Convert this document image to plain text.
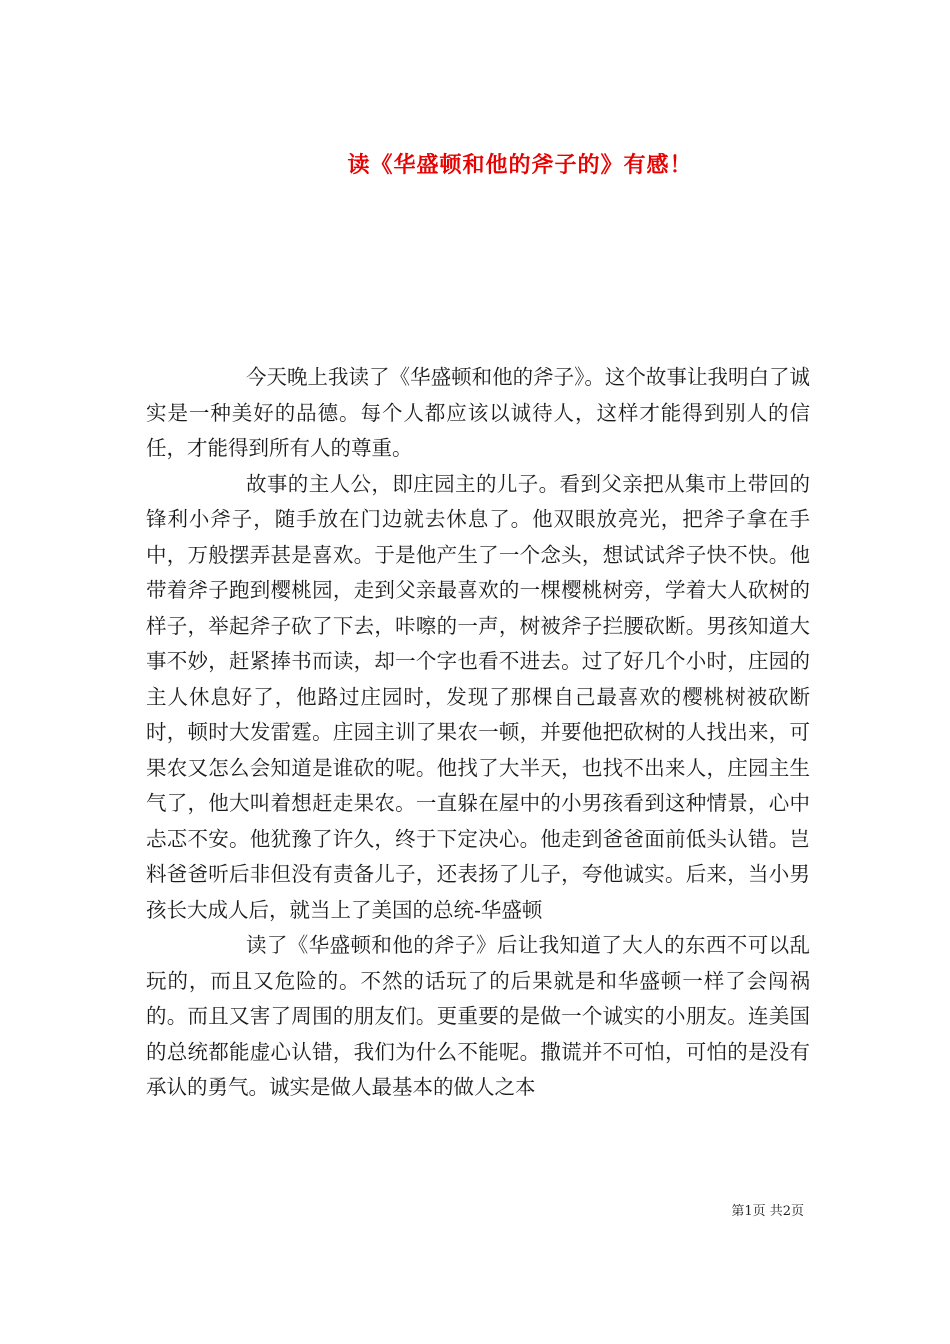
读《华盛顿和他的斧子的》有感！

今天晚上我读了《华盛顿和他的斧子》。这个故事让我明白了诚实是一种美好的品德。每个人都应该以诚待人，这样才能得到别人的信任，才能得到所有人的尊重。

故事的主人公，即庄园主的儿子。看到父亲把从集市上带回的锋利小斧子，随手放在门边就去休息了。他双眼放亮光，把斧子拿在手中，万般摆弄甚是喜欢。于是他产生了一个念头，想试试斧子快不快。他带着斧子跑到樱桃园，走到父亲最喜欢的一棵樱桃树旁，学着大人砍树的样子，举起斧子砍了下去，咔嚓的一声，树被斧子拦腰砍断。男孩知道大事不妙，赶紧捧书而读，却一个字也看不进去。过了好几个小时，庄园的主人休息好了，他路过庄园时，发现了那棵自己最喜欢的樱桃树被砍断时，顿时大发雷霆。庄园主训了果农一顿，并要他把砍树的人找出来，可果农又怎么会知道是谁砍的呢。他找了大半天，也找不出来人，庄园主生气了，他大叫着想赶走果农。一直躲在屋中的小男孩看到这种情景，心中忐忑不安。他犹豫了许久，终于下定决心。他走到爸爸面前低头认错。岂料爸爸听后非但没有责备儿子，还表扬了儿子，夸他诚实。后来，当小男孩长大成人后，就当上了美国的总统-华盛顿

读了《华盛顿和他的斧子》后让我知道了大人的东西不可以乱玩的，而且又危险的。不然的话玩了的后果就是和华盛顿一样了会闯祸的。而且又害了周围的朋友们。更重要的是做一个诚实的小朋友。连美国的总统都能虚心认错，我们为什么不能呢。撒谎并不可怕，可怕的是没有承认的勇气。诚实是做人最基本的做人之本

第1页 共2页
